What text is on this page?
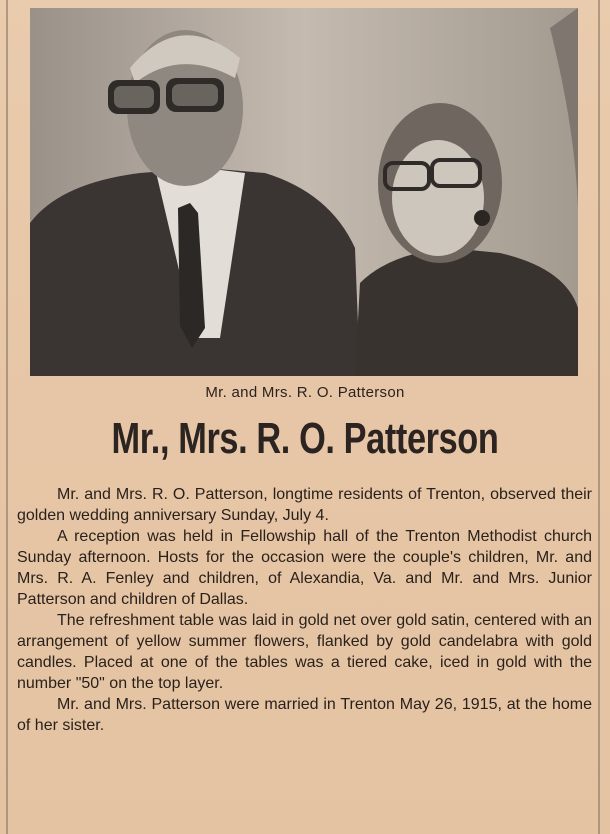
Mr. and Mrs. R. O. Patterson
Mr., Mrs. R. O. Patterson

Mr. and Mrs. R. O. Patterson, longtime residents of Trenton, observed their golden wedding anniversary Sunday, July 4.

A reception was held in Fellowship hall of the Trenton Methodist church Sunday afternoon. Hosts for the occasion were the couple's children, Mr. and Mrs. R. A. Fenley and children, of Alexandia, Va. and Mr. and Mrs. Junior Patterson and children of Dallas.

The refreshment table was laid in gold net over gold satin, centered with an arrangement of yellow summer flowers, flanked by gold candelabra with gold candles. Placed at one of the tables was a tiered cake, iced in gold with the number "50" on the top layer.

Mr. and Mrs. Patterson were married in Trenton May 26, 1915, at the home of her sister.
